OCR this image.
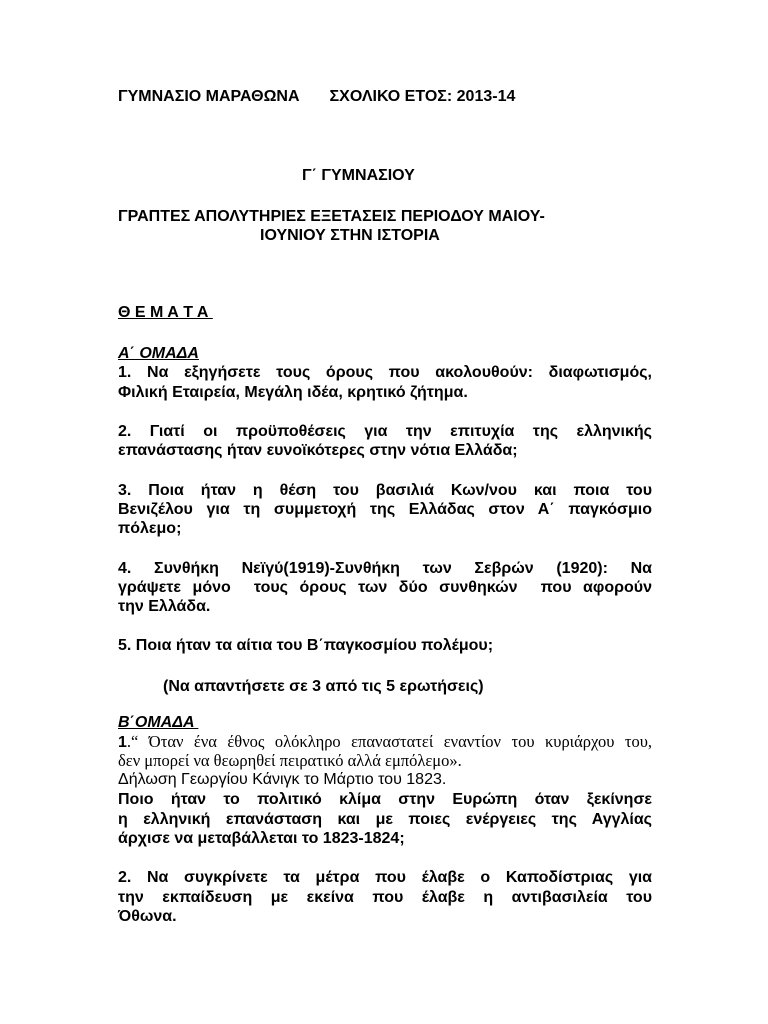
ΓΥΜΝΑΣΙΟ ΜΑΡΑΘΩΝΑ ΣΧΟΛΙΚΟ ΕΤΟΣ: 2013-14
Γ΄ ΓΥΜΝΑΣΙΟΥ
ΓΡΑΠΤΕΣ ΑΠΟΛΥΤΗΡΙΕΣ ΕΞΕΤΑΣΕΙΣ ΠΕΡΙΟΔΟΥ ΜΑΙΟΥ-
ΙΟΥΝΙΟΥ ΣΤΗΝ ΙΣΤΟΡΙΑ
Θ Ε Μ Α Τ Α
Α΄ ΟΜΑΔΑ
1. Να εξηγήσετε τους όρους που ακολουθούν: διαφωτισμός,
Φιλική Εταιρεία, Μεγάλη ιδέα, κρητικό ζήτημα.
2. Γιατί οι προϋποθέσεις για την επιτυχία της ελληνικής
επανάστασης ήταν ευνοϊκότερες στην νότια Ελλάδα;
3. Ποια ήταν η θέση του βασιλιά Κων/νου και ποια του
Βενιζέλου για τη συμμετοχή της Ελλάδας στον Α΄ παγκόσμιο
πόλεμο;
4. Συνθήκη Νεϊγύ(1919)-Συνθήκη των Σεβρών (1920): Να
γράψετε μόνο  τους όρους των δύο συνθηκών  που αφορούν
την Ελλάδα.
5. Ποια ήταν τα αίτια του Β΄παγκοσμίου πολέμου;
(Να απαντήσετε σε 3 από τις 5 ερωτήσεις)
Β΄ΟΜΑΔΑ
1.“ Όταν ένα έθνος ολόκληρο επαναστατεί εναντίον του κυριάρχου του,
δεν μπορεί να θεωρηθεί πειρατικό αλλά εμπόλεμο».
Δήλωση Γεωργίου Κάνιγκ το Μάρτιο του 1823.
Ποιο ήταν το πολιτικό κλίμα στην Ευρώπη όταν ξεκίνησε
η ελληνική επανάσταση και με ποιες ενέργειες της Αγγλίας
άρχισε να μεταβάλλεται το 1823-1824;
2. Να συγκρίνετε τα μέτρα που έλαβε ο Καποδίστριας για
την εκπαίδευση με εκείνα που έλαβε η αντιβασιλεία του
Όθωνα.
